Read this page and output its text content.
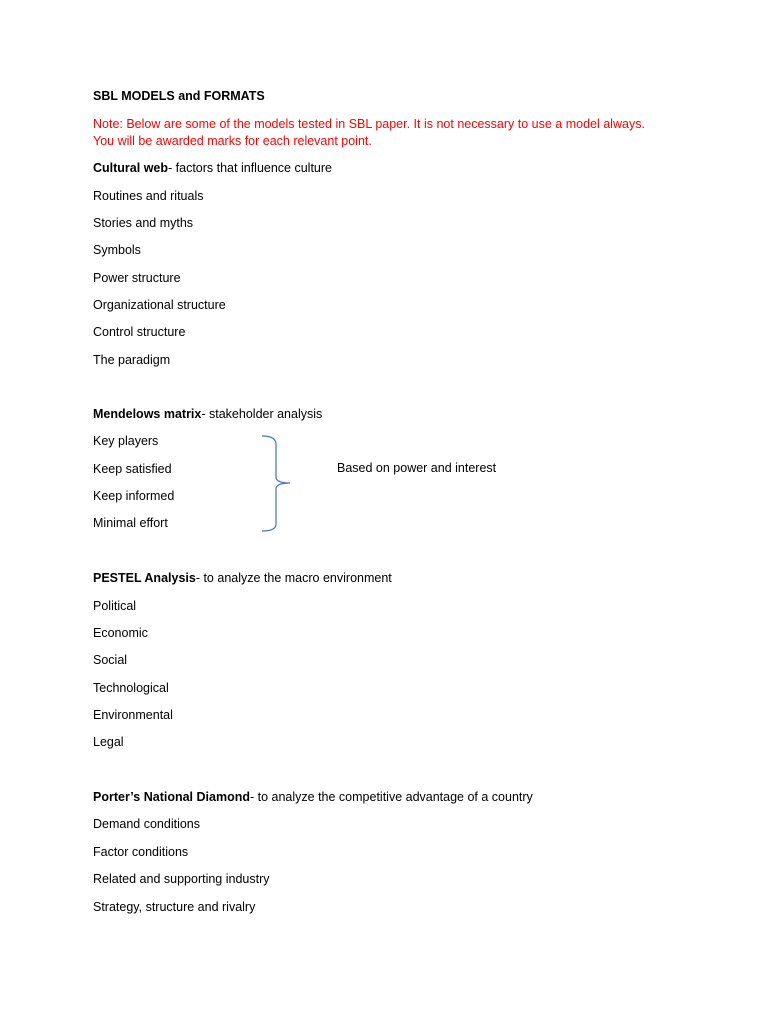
SBL MODELS and FORMATS
Note: Below are some of the models tested in SBL paper. It is not necessary to use a model always.
You will be awarded marks for each relevant point.
Cultural web- factors that influence culture
Routines and rituals
Stories and myths
Symbols
Power structure
Organizational structure
Control structure
The paradigm
Mendelows matrix- stakeholder analysis
Key players
Keep satisfied
Keep informed
Minimal effort
Based on power and interest
PESTEL Analysis- to analyze the macro environment
Political
Economic
Social
Technological
Environmental
Legal
Porter’s National Diamond- to analyze the competitive advantage of a country
Demand conditions
Factor conditions
Related and supporting industry
Strategy, structure and rivalry
